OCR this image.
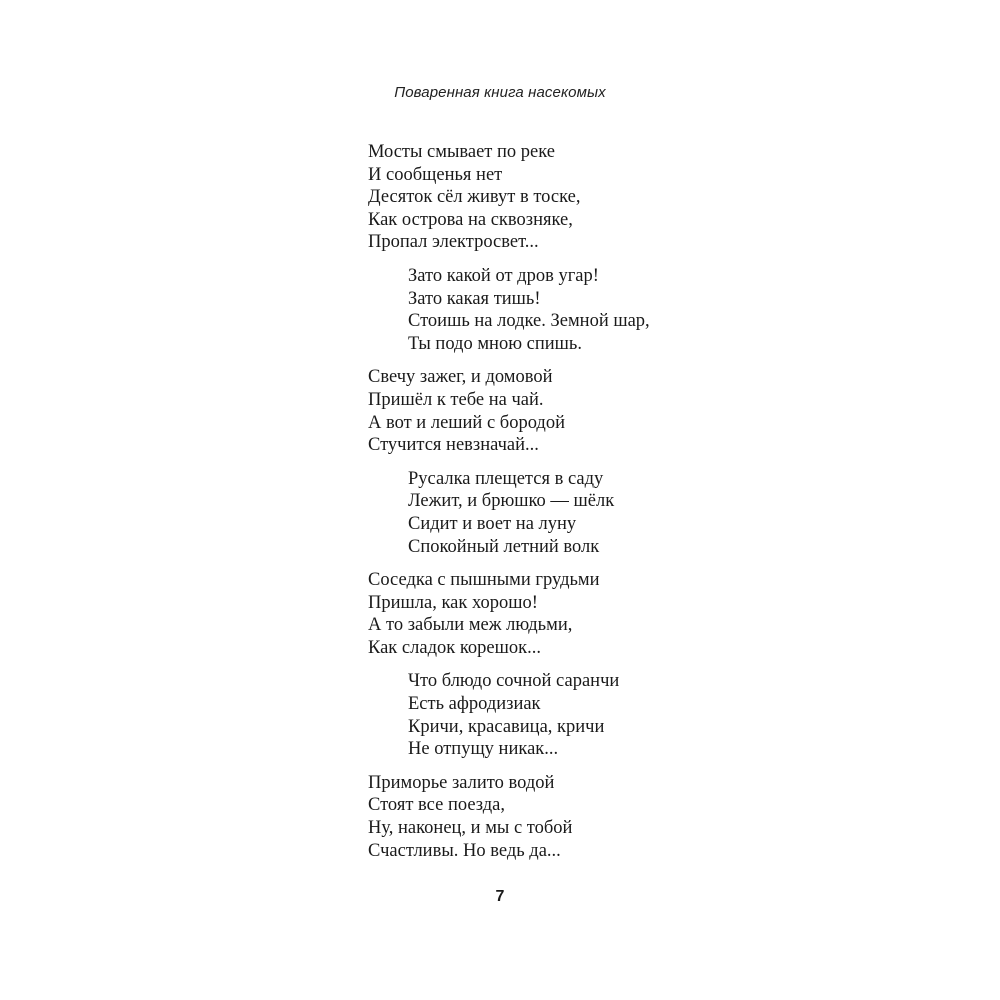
Поваренная книга насекомых
Мосты смывает по реке
И сообщенья нет
Десяток сёл живут в тоске,
Как острова на сквозняке,
Пропал электросвет...
Зато какой от дров угар!
Зато какая тишь!
Стоишь на лодке. Земной шар,
Ты подо мною спишь.
Свечу зажег, и домовой
Пришёл к тебе на чай.
А вот и леший с бородой
Стучится невзначай...
Русалка плещется в саду
Лежит, и брюшко — шёлк
Сидит и воет на луну
Спокойный летний волк
Соседка с пышными грудьми
Пришла, как хорошо!
А то забыли меж людьми,
Как сладок корешок...
Что блюдо сочной саранчи
Есть афродизиак
Кричи, красавица, кричи
Не отпущу никак...
Приморье залито водой
Стоят все поезда,
Ну, наконец, и мы с тобой
Счастливы. Но ведь да...
7
